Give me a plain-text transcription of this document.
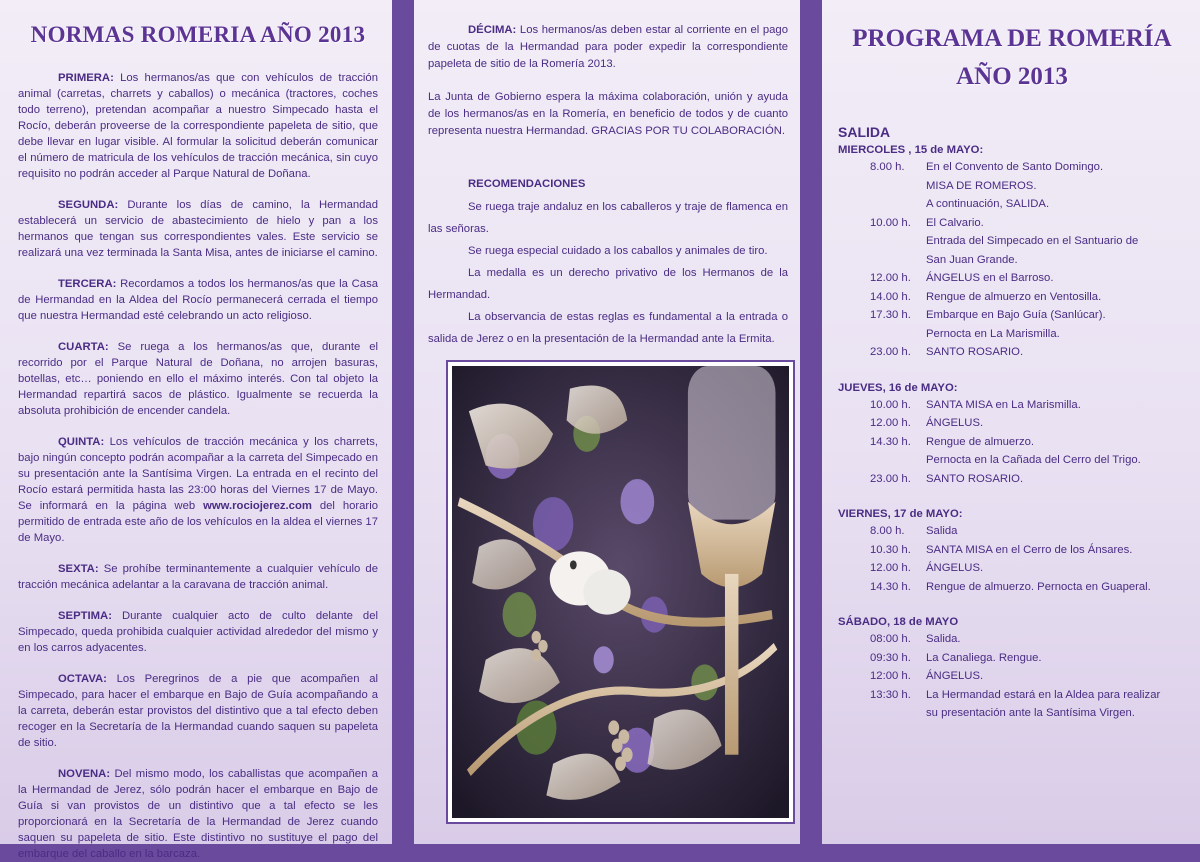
NORMAS ROMERIA AÑO 2013

PRIMERA: Los hermanos/as que con vehículos de tracción animal (carretas, charrets y caballos) o mecánica (tractores, coches todo terreno), pretendan acompañar a nuestro Simpecado hasta el Rocío, deberán proveerse de la correspondiente papeleta de sitio, que debe llevar en lugar visible. Al formular la solicitud deberán comunicar el número de matricula de los vehículos de tracción mecánica, sin cuyo requisito no podrán acceder al Parque Natural de Doñana.

SEGUNDA: Durante los días de camino, la Hermandad establecerá un servicio de abastecimiento de hielo y pan a los hermanos que tengan sus correspondientes vales. Este servicio se realizará una vez terminada la Santa Misa, antes de iniciarse el camino.

TERCERA: Recordamos a todos los hermanos/as que la Casa de Hermandad en la Aldea del Rocío permanecerá cerrada el tiempo que nuestra Hermandad esté celebrando un acto religioso.

CUARTA: Se ruega a los hermanos/as que, durante el recorrido por el Parque Natural de Doñana, no arrojen basuras, botellas, etc… poniendo en ello el máximo interés. Con tal objeto la Hermandad repartirá sacos de plástico. Igualmente se recuerda la absoluta prohibición de encender candela.

QUINTA: Los vehículos de tracción mecánica y los charrets, bajo ningún concepto podrán acompañar a la carreta del Simpecado en su presentación ante la Santísima Virgen. La entrada en el recinto del Rocío estará permitida hasta las 23:00 horas del Viernes 17 de Mayo. Se informará en la página web www.rociojerez.com del horario permitido de entrada este año de los vehículos en la aldea el viernes 17 de Mayo.

SEXTA: Se prohíbe terminantemente a cualquier vehículo de tracción mecánica adelantar a la caravana de tracción animal.

SEPTIMA: Durante cualquier acto de culto delante del Simpecado, queda prohibida cualquier actividad alrededor del mismo y en los carros adyacentes.

OCTAVA: Los Peregrinos de a pie que acompañen al Simpecado, para hacer el embarque en Bajo de Guía acompañando a la carreta, deberán estar provistos del distintivo que a tal efecto deben recoger en la Secretaría de la Hermandad cuando saquen su papeleta de sitio.

NOVENA: Del mismo modo, los caballistas que acompañen a la Hermandad de Jerez, sólo podrán hacer el embarque en Bajo de Guía si van provistos de un distintivo que a tal efecto se les proporcionará en la Secretaría de la Hermandad de Jerez cuando saquen su papeleta de sitio. Este distintivo no sustituye el pago del embarque del caballo en la barcaza.

DÉCIMA: Los hermanos/as deben estar al corriente en el pago de cuotas de la Hermandad para poder expedir la correspondiente papeleta de sitio de la Romería 2013.

La Junta de Gobierno espera la máxima colaboración, unión y ayuda de los hermanos/as en la Romería, en beneficio de todos y de cuanto representa nuestra Hermandad. GRACIAS POR TU COLABORACIÓN.

RECOMENDACIONES

Se ruega traje andaluz en los caballeros y traje de flamenca en las señoras.

Se ruega especial cuidado a los caballos y animales de tiro.

La medalla es un derecho privativo de los Hermanos de la Hermandad.

La observancia de estas reglas es fundamental a la entrada o salida de Jerez o en la presentación de la Hermandad ante la Ermita.

PROGRAMA DE ROMERÍA
AÑO 2013
SALIDA
MIERCOLES , 15 de MAYO:
8.00 h.	En el Convento de Santo Domingo.
MISA DE ROMEROS.
A continuación, SALIDA.
10.00 h.	El Calvario.
Entrada del Simpecado en el Santuario de
San Juan Grande.
12.00 h.	ÁNGELUS en el Barroso.
14.00 h.	Rengue de almuerzo en Ventosilla.
17.30 h.	Embarque en Bajo Guía (Sanlúcar).
Pernocta en La Marismilla.
23.00 h.	SANTO ROSARIO.
JUEVES, 16 de MAYO:
10.00 h.	SANTA MISA en La Marismilla.
12.00 h.	ÁNGELUS.
14.30 h.	Rengue de almuerzo.
Pernocta en la Cañada del Cerro del Trigo.
23.00 h.	SANTO ROSARIO.
VIERNES, 17 de MAYO:
8.00 h.	Salida
10.30 h.	SANTA MISA en el Cerro de los Ánsares.
12.00 h.	ÁNGELUS.
14.30 h.	Rengue de almuerzo. Pernocta en Guaperal.
SÁBADO, 18 de MAYO
08:00 h.	Salida.
09:30 h.	La Canaliega. Rengue.
12:00 h.	ÁNGELUS.
13:30 h.	La Hermandad estará en la Aldea para realizar
su presentación ante la Santísima Virgen.
